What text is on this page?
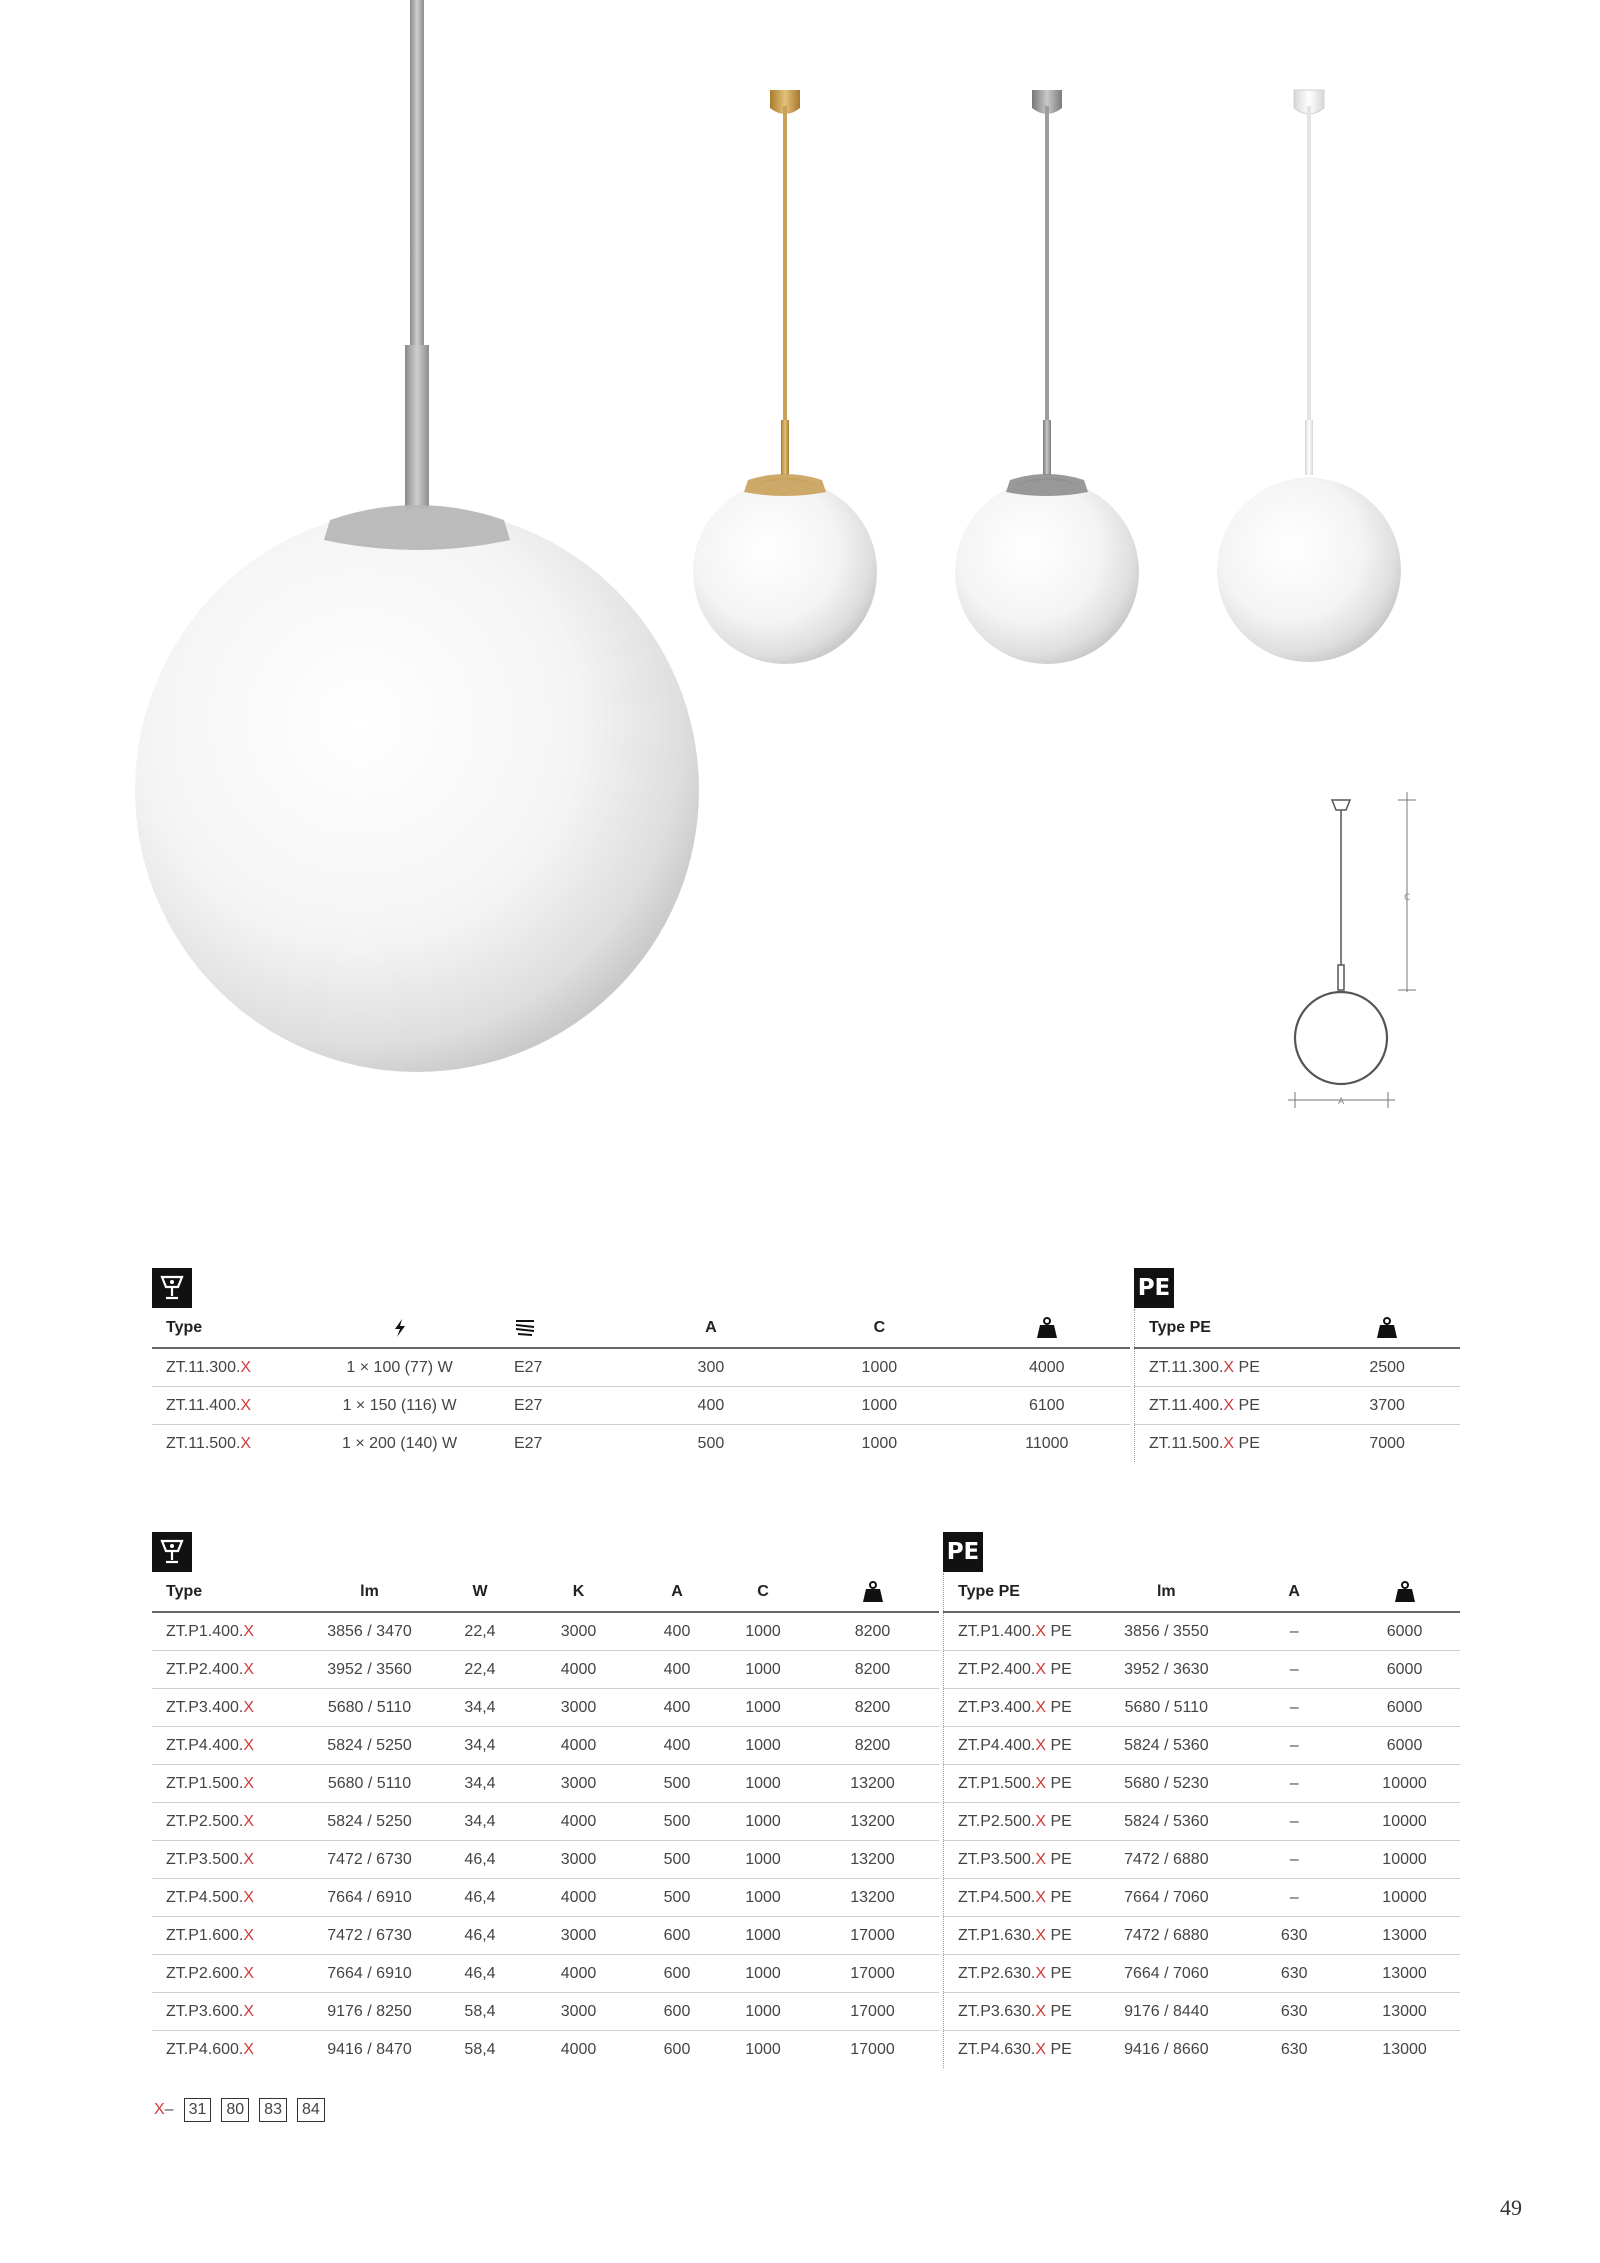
C
A
PE
Type			A	C	

ZT.11.300.X	1 × 100 (77) W	E27	300	1000	4000
ZT.11.400.X	1 × 150 (116) W	E27	400	1000	6100
ZT.11.500.X	1 × 200 (140) W	E27	500	1000	11000
Type PE	

ZT.11.300.X PE	2500
ZT.11.400.X PE	3700
ZT.11.500.X PE	7000
PE
Type	lm	W	K	A	C	

ZT.P1.400.X	3856 / 3470	22,4	3000	400	1000	8200
ZT.P2.400.X	3952 / 3560	22,4	4000	400	1000	8200
ZT.P3.400.X	5680 / 5110	34,4	3000	400	1000	8200
ZT.P4.400.X	5824 / 5250	34,4	4000	400	1000	8200
ZT.P1.500.X	5680 / 5110	34,4	3000	500	1000	13200
ZT.P2.500.X	5824 / 5250	34,4	4000	500	1000	13200
ZT.P3.500.X	7472 / 6730	46,4	3000	500	1000	13200
ZT.P4.500.X	7664 / 6910	46,4	4000	500	1000	13200
ZT.P1.600.X	7472 / 6730	46,4	3000	600	1000	17000
ZT.P2.600.X	7664 / 6910	46,4	4000	600	1000	17000
ZT.P3.600.X	9176 / 8250	58,4	3000	600	1000	17000
ZT.P4.600.X	9416 / 8470	58,4	4000	600	1000	17000
Type PE	lm	A	

ZT.P1.400.X PE	3856 / 3550	–	6000
ZT.P2.400.X PE	3952 / 3630	–	6000
ZT.P3.400.X PE	5680 / 5110	–	6000
ZT.P4.400.X PE	5824 / 5360	–	6000
ZT.P1.500.X PE	5680 / 5230	–	10000
ZT.P2.500.X PE	5824 / 5360	–	10000
ZT.P3.500.X PE	7472 / 6880	–	10000
ZT.P4.500.X PE	7664 / 7060	–	10000
ZT.P1.630.X PE	7472 / 6880	630	13000
ZT.P2.630.X PE	7664 / 7060	630	13000
ZT.P3.630.X PE	9176 / 8440	630	13000
ZT.P4.630.X PE	9416 / 8660	630	13000
X – 31	80	83	84
49
